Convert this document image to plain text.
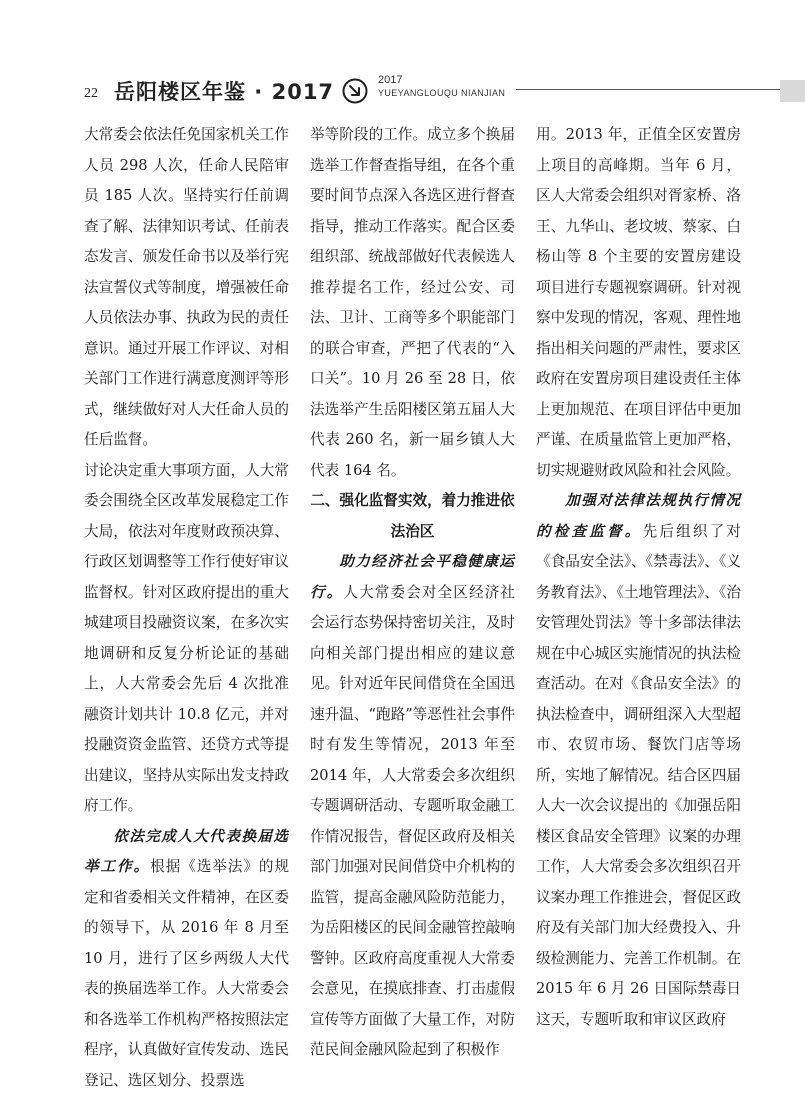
22 岳阳楼区年鉴 · 2017	2017
YUEYANGLOUQU NIANJIAN

大常委会依法任免国家机关工作人员 298 人次，任命人民陪审员 185 人次。坚持实行任前调查了解、法律知识考试、任前表态发言、颁发任命书以及举行宪法宣誓仪式等制度，增强被任命人员依法办事、执政为民的责任意识。通过开展工作评议、对相关部门工作进行满意度测评等形式，继续做好对人大任命人员的任后监督。

讨论决定重大事项方面，人大常委会围绕全区改革发展稳定工作大局，依法对年度财政预决算、行政区划调整等工作行使好审议监督权。针对区政府提出的重大城建项目投融资议案，在多次实地调研和反复分析论证的基础上，人大常委会先后 4 次批准融资计划共计 10.8 亿元，并对投融资资金监管、还贷方式等提出建议，坚持从实际出发支持政府工作。

依法完成人大代表换届选举工作。根据《选举法》的规定和省委相关文件精神，在区委的领导下，从 2016 年 8 月至 10 月，进行了区乡两级人大代表的换届选举工作。人大常委会和各选举工作机构严格按照法定程序，认真做好宣传发动、选民登记、选区划分、投票选

举等阶段的工作。成立多个换届选举工作督查指导组，在各个重要时间节点深入各选区进行督查指导，推动工作落实。配合区委组织部、统战部做好代表候选人推荐提名工作，经过公安、司法、卫计、工商等多个职能部门的联合审查，严把了代表的“入口关”。10 月 26 至 28 日，依法选举产生岳阳楼区第五届人大代表 260 名，新一届乡镇人大代表 164 名。

二、强化监督实效，着力推进依法治区

助力经济社会平稳健康运行。人大常委会对全区经济社会运行态势保持密切关注，及时向相关部门提出相应的建议意见。针对近年民间借贷在全国迅速升温、“跑路”等恶性社会事件时有发生等情况，2013 年至 2014 年，人大常委会多次组织专题调研活动、专题听取金融工作情况报告，督促区政府及相关部门加强对民间借贷中介机构的监管，提高金融风险防范能力，为岳阳楼区的民间金融管控敲响警钟。区政府高度重视人大常委会意见，在摸底排查、打击虚假宣传等方面做了大量工作，对防范民间金融风险起到了积极作

用。2013 年，正值全区安置房上项目的高峰期。当年 6 月，区人大常委会组织对胥家桥、洛王、九华山、老坟坡、蔡家、白杨山等 8 个主要的安置房建设项目进行专题视察调研。针对视察中发现的情况，客观、理性地指出相关问题的严肃性，要求区政府在安置房项目建设责任主体上更加规范、在项目评估中更加严谨、在质量监管上更加严格，切实规避财政风险和社会风险。

加强对法律法规执行情况的检查监督。先后组织了对《食品安全法》、《禁毒法》、《义务教育法》、《土地管理法》、《治安管理处罚法》等十多部法律法规在中心城区实施情况的执法检查活动。在对《食品安全法》的执法检查中，调研组深入大型超市、农贸市场、餐饮门店等场所，实地了解情况。结合区四届人大一次会议提出的《加强岳阳楼区食品安全管理》议案的办理工作，人大常委会多次组织召开议案办理工作推进会，督促区政府及有关部门加大经费投入、升级检测能力、完善工作机制。在 2015 年 6 月 26 日国际禁毒日这天，专题听取和审议区政府
